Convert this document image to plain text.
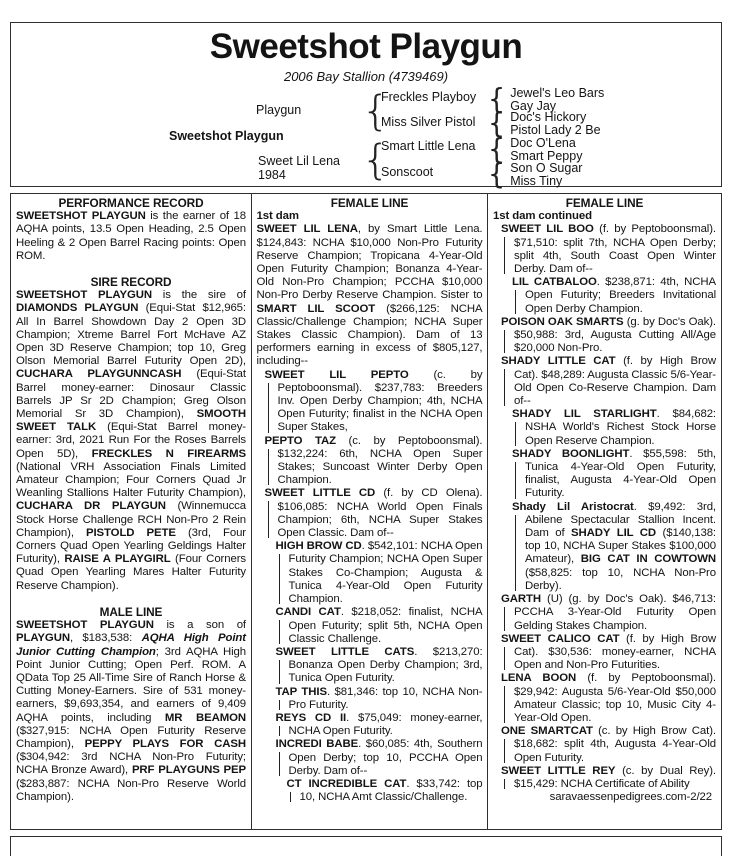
Sweetshot Playgun
2006 Bay Stallion (4739469)
Playgun
Sweetshot Playgun
Sweet Lil Lena
1984
{
{
Freckles Playboy
Miss Silver Pistol
Smart Little Lena
Sonscoot
{ Jewel's Leo Bars
Gay Jay
{ Doc's Hickory
Pistol Lady 2 Be
{ Doc O'Lena
Smart Peppy
{ Son O Sugar
Miss Tiny
PERFORMANCE RECORD
SWEETSHOT PLAYGUN is the earner of 18 AQHA points, 13.5 Open Heading, 2.5 Open Heeling & 2 Open Barrel Racing points: Open ROM.
SIRE RECORD
SWEETSHOT PLAYGUN is the sire of DIAMONDS PLAYGUN (Equi-Stat $12,965: All In Barrel Showdown Day 2 Open 3D Champion; Xtreme Barrel Fort McHave AZ Open 3D Reserve Champion; top 10, Greg Olson Memorial Barrel Futurity Open 2D), CUCHARA PLAYGUNNCASH (Equi-Stat Barrel money-earner: Dinosaur Classic Barrels JP Sr 2D Champion; Greg Olson Memorial Sr 3D Champion), SMOOTH SWEET TALK (Equi-Stat Barrel money-earner: 3rd, 2021 Run For the Roses Barrels Open 5D), FRECKLES N FIREARMS (National VRH Association Finals Limited Amateur Champion; Four Corners Quad Jr Weanling Stallions Halter Futurity Champion), CUCHARA DR PLAYGUN (Winnemucca Stock Horse Challenge RCH Non-Pro 2 Rein Champion), PISTOLD PETE (3rd, Four Corners Quad Open Yearling Geldings Halter Futurity), RAISE A PLAYGIRL (Four Corners Quad Open Yearling Mares Halter Futurity Reserve Champion).
MALE LINE
SWEETSHOT PLAYGUN is a son of PLAYGUN, $183,538: AQHA High Point Junior Cutting Champion; 3rd AQHA High Point Junior Cutting; Open Perf. ROM. A QData Top 25 All-Time Sire of Ranch Horse & Cutting Money-Earners. Sire of 531 money-earners, $9,693,354, and earners of 9,409 AQHA points, including MR BEAMON ($327,915: NCHA Open Futurity Reserve Champion), PEPPY PLAYS FOR CASH ($304,942: 3rd NCHA Non-Pro Futurity; NCHA Bronze Award), PRF PLAYGUNS PEP ($283,887: NCHA Non-Pro Reserve World Champion).
FEMALE LINE
1st dam
SWEET LIL LENA, by Smart Little Lena. $124,843: NCHA $10,000 Non-Pro Futurity Reserve Champion; Tropicana 4-Year-Old Open Futurity Champion; Bonanza 4-Year-Old Non-Pro Champion; PCCHA $10,000 Non-Pro Derby Reserve Champion. Sister to SMART LIL SCOOT ($266,125: NCHA Classic/Challenge Champion; NCHA Super Stakes Classic Champion). Dam of 13 performers earning in excess of $805,127, including--
SWEET LIL PEPTO (c. by Peptoboonsmal). $237,783: Breeders Inv. Open Derby Champion; 4th, NCHA Open Futurity; finalist in the NCHA Open Super Stakes,
PEPTO TAZ (c. by Peptoboonsmal). $132,224: 6th, NCHA Open Super Stakes; Suncoast Winter Derby Open Champion.
SWEET LITTLE CD (f. by CD Olena). $106,085: NCHA World Open Finals Champion; 6th, NCHA Super Stakes Open Classic. Dam of--
HIGH BROW CD. $542,101: NCHA Open Futurity Champion; NCHA Open Super Stakes Co-Champion; Augusta & Tunica 4-Year-Old Open Futurity Champion.
CANDI CAT. $218,052: finalist, NCHA Open Futurity; split 5th, NCHA Open Classic Challenge.
SWEET LITTLE CATS. $213,270: Bonanza Open Derby Champion; 3rd, Tunica Open Futurity.
TAP THIS. $81,346: top 10, NCHA Non-Pro Futurity.
REYS CD II. $75,049: money-earner, NCHA Open Futurity.
INCREDI BABE. $60,085: 4th, Southern Open Derby; top 10, PCCHA Open Derby. Dam of--
CT INCREDIBLE CAT. $33,742: top 10, NCHA Amt Classic/Challenge.
FEMALE LINE
1st dam continued
SWEET LIL BOO (f. by Peptoboonsmal). $71,510: split 7th, NCHA Open Derby; split 4th, South Coast Open Winter Derby. Dam of--
LIL CATBALOO. $238,871: 4th, NCHA Open Futurity; Breeders Invitational Open Derby Champion.
POISON OAK SMARTS (g. by Doc's Oak). $50,988: 3rd, Augusta Cutting All/Age $20,000 Non-Pro.
SHADY LITTLE CAT (f. by High Brow Cat). $48,289: Augusta Classic 5/6-Year-Old Open Co-Reserve Champion. Dam of--
SHADY LIL STARLIGHT. $84,682: NSHA World's Richest Stock Horse Open Reserve Champion.
SHADY BOONLIGHT. $55,598: 5th, Tunica 4-Year-Old Open Futurity, finalist, Augusta 4-Year-Old Open Futurity.
Shady Lil Aristocrat. $9,492: 3rd, Abilene Spectacular Stallion Incent. Dam of SHADY LIL CD ($140,138: top 10, NCHA Super Stakes $100,000 Amateur), BIG CAT IN COWTOWN ($58,825: top 10, NCHA Non-Pro Derby).
GARTH (U) (g. by Doc's Oak). $46,713: PCCHA 3-Year-Old Futurity Open Gelding Stakes Champion.
SWEET CALICO CAT (f. by High Brow Cat). $30,536: money-earner, NCHA Open and Non-Pro Futurities.
LENA BOON (f. by Peptoboonsmal). $29,942: Augusta 5/6-Year-Old $50,000 Amateur Classic; top 10, Music City 4-Year-Old Open.
ONE SMARTCAT (c. by High Brow Cat). $18,682: split 4th, Augusta 4-Year-Old Open Futurity.
SWEET LITTLE REY (c. by Dual Rey). $15,429: NCHA Certificate of Ability
saravaessenpedigrees.com-2/22
